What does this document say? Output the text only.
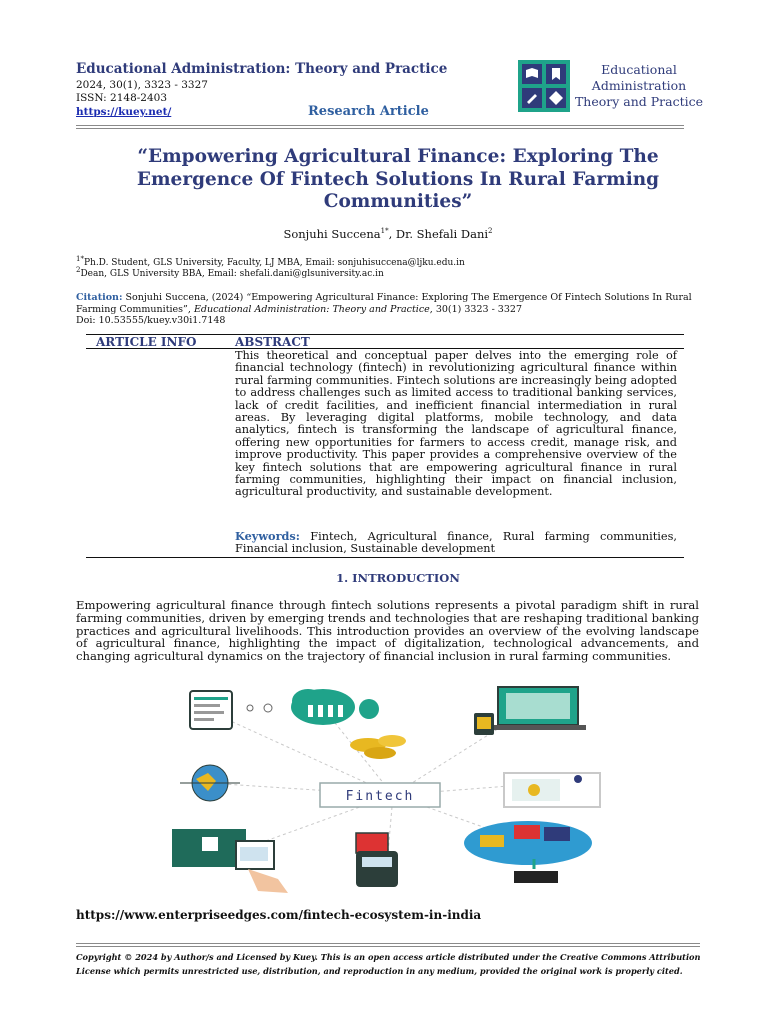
Educational Administration: Theory and Practice
2024, 30(1), 3323 - 3327
ISSN: 2148-2403
https://kuey.net/	Research Article
Educational
Administration
Theory and Practice
“Empowering Agricultural Finance: Exploring The
Emergence Of Fintech Solutions In Rural Farming
Communities”
Sonjuhi Succena$^{1*}$, Dr. Shefali Dani$^2$
$^{1*}$Ph.D. Student, GLS University, Faculty, LJ MBA, Email: sonjuhisuccena@ljku.edu.in
$^2$Dean, GLS University BBA, Email: shefali.dani@glsuniversity.ac.in
Citation: Sonjuhi Succena, (2024) “Empowering Agricultural Finance: Exploring The Emergence Of Fintech Solutions In Rural Farming Communities”, Educational Administration: Theory and Practice, 30(1) 3323 - 3327
Doi: 10.53555/kuey.v30i1.7148
ARTICLE INFO	ABSTRACT
This theoretical and conceptual paper delves into the emerging role of financial technology (fintech) in revolutionizing agricultural finance within rural farming communities. Fintech solutions are increasingly being adopted to address challenges such as limited access to traditional banking services, lack of credit facilities, and inefficient financial intermediation in rural areas. By leveraging digital platforms, mobile technology, and data analytics, fintech is transforming the landscape of agricultural finance, offering new opportunities for farmers to access credit, manage risk, and improve productivity. This paper provides a comprehensive overview of the key fintech solutions that are empowering agricultural finance in rural farming communities, highlighting their impact on financial inclusion, agricultural productivity, and sustainable development.
Keywords: Fintech, Agricultural finance, Rural farming communities, Financial inclusion, Sustainable development
1. INTRODUCTION
Empowering agricultural finance through fintech solutions represents a pivotal paradigm shift in rural farming communities, driven by emerging trends and technologies that are reshaping traditional banking practices and agricultural livelihoods. This introduction provides an overview of the evolving landscape of agricultural finance, highlighting the impact of digitalization, technological advancements, and changing agricultural dynamics on the trajectory of financial inclusion in rural farming communities.
Fintech
https://www.enterpriseedges.com/fintech-ecosystem-in-india
Copyright © 2024 by Author/s and Licensed by Kuey. This is an open access article distributed under the Creative Commons Attribution License which permits unrestricted use, distribution, and reproduction in any medium, provided the original work is properly cited.
